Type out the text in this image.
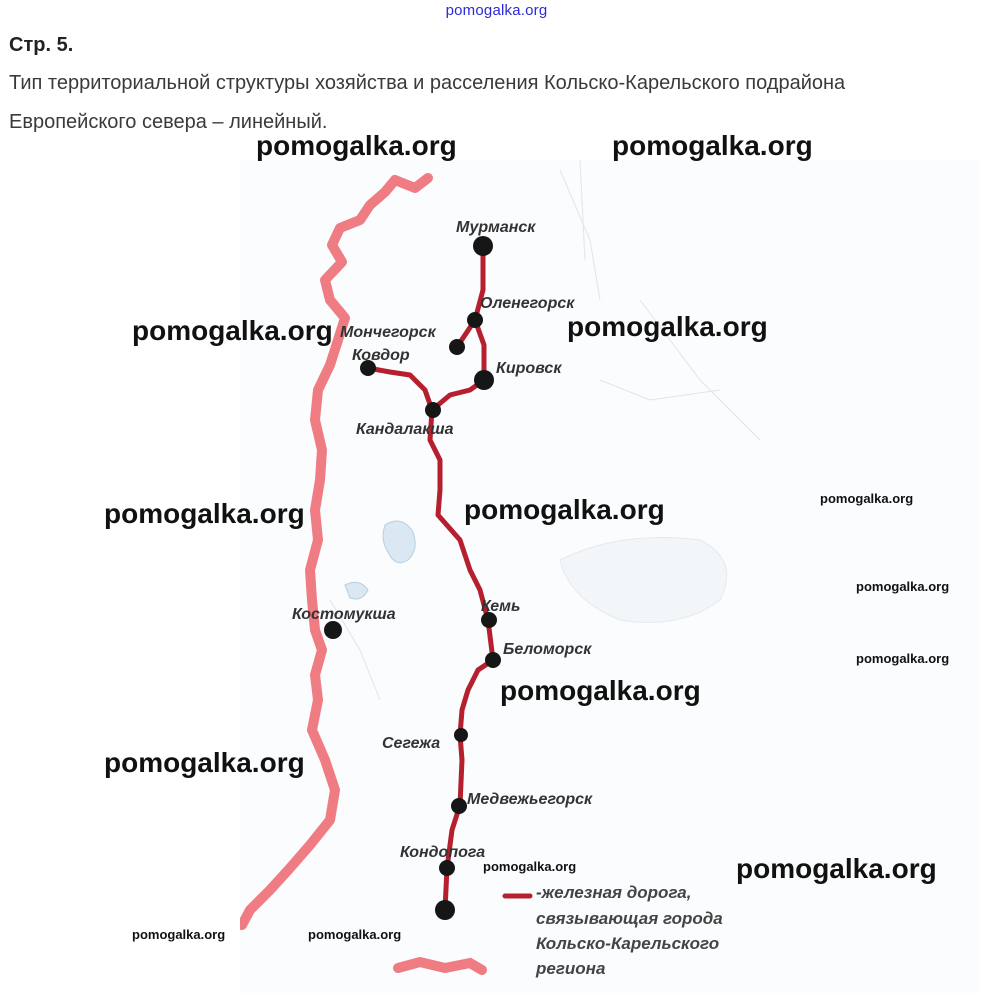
pomogalka.org
Стр. 5.
Тип территориальной структуры хозяйства и расселения Кольско-Карельского подрайона
Европейского севера – линейный.
Мурманск
Оленегорск
Мончегорск
Ковдор
Кировск
Кандалакша
Костомукша	Кемь
Беломорск
Сегежа
Медвежьегорск
Кондопога
-железная дорога,
связывающая города
Кольско-Карельского
региона
pomogalka.org	pomogalka.org
pomogalka.org	pomogalka.org
pomogalka.org	pomogalka.org	pomogalka.org
pomogalka.org
pomogalka.org
pomogalka.org
pomogalka.org
pomogalka.org	pomogalka.org
pomogalka.org	pomogalka.org
